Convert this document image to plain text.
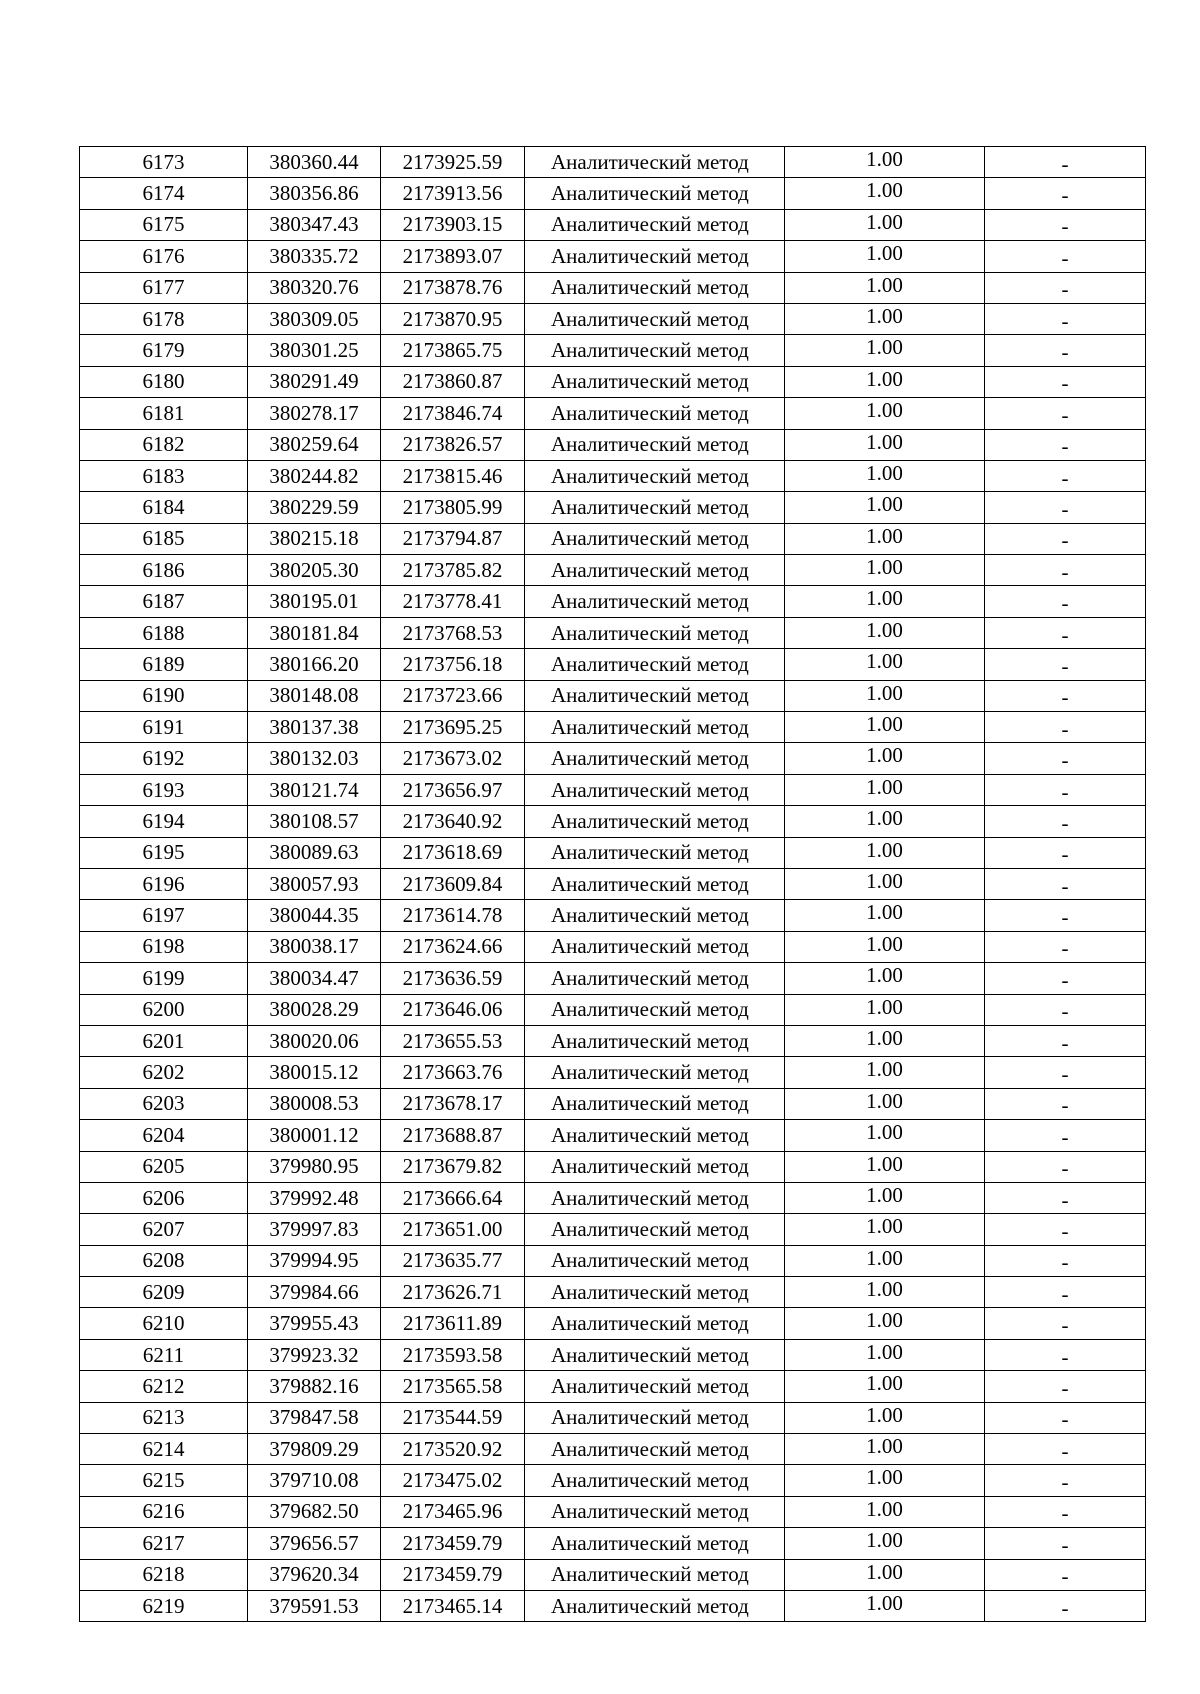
6173	380360.44	2173925.59	Аналитический метод	1.00	-
6174	380356.86	2173913.56	Аналитический метод	1.00	-
6175	380347.43	2173903.15	Аналитический метод	1.00	-
6176	380335.72	2173893.07	Аналитический метод	1.00	-
6177	380320.76	2173878.76	Аналитический метод	1.00	-
6178	380309.05	2173870.95	Аналитический метод	1.00	-
6179	380301.25	2173865.75	Аналитический метод	1.00	-
6180	380291.49	2173860.87	Аналитический метод	1.00	-
6181	380278.17	2173846.74	Аналитический метод	1.00	-
6182	380259.64	2173826.57	Аналитический метод	1.00	-
6183	380244.82	2173815.46	Аналитический метод	1.00	-
6184	380229.59	2173805.99	Аналитический метод	1.00	-
6185	380215.18	2173794.87	Аналитический метод	1.00	-
6186	380205.30	2173785.82	Аналитический метод	1.00	-
6187	380195.01	2173778.41	Аналитический метод	1.00	-
6188	380181.84	2173768.53	Аналитический метод	1.00	-
6189	380166.20	2173756.18	Аналитический метод	1.00	-
6190	380148.08	2173723.66	Аналитический метод	1.00	-
6191	380137.38	2173695.25	Аналитический метод	1.00	-
6192	380132.03	2173673.02	Аналитический метод	1.00	-
6193	380121.74	2173656.97	Аналитический метод	1.00	-
6194	380108.57	2173640.92	Аналитический метод	1.00	-
6195	380089.63	2173618.69	Аналитический метод	1.00	-
6196	380057.93	2173609.84	Аналитический метод	1.00	-
6197	380044.35	2173614.78	Аналитический метод	1.00	-
6198	380038.17	2173624.66	Аналитический метод	1.00	-
6199	380034.47	2173636.59	Аналитический метод	1.00	-
6200	380028.29	2173646.06	Аналитический метод	1.00	-
6201	380020.06	2173655.53	Аналитический метод	1.00	-
6202	380015.12	2173663.76	Аналитический метод	1.00	-
6203	380008.53	2173678.17	Аналитический метод	1.00	-
6204	380001.12	2173688.87	Аналитический метод	1.00	-
6205	379980.95	2173679.82	Аналитический метод	1.00	-
6206	379992.48	2173666.64	Аналитический метод	1.00	-
6207	379997.83	2173651.00	Аналитический метод	1.00	-
6208	379994.95	2173635.77	Аналитический метод	1.00	-
6209	379984.66	2173626.71	Аналитический метод	1.00	-
6210	379955.43	2173611.89	Аналитический метод	1.00	-
6211	379923.32	2173593.58	Аналитический метод	1.00	-
6212	379882.16	2173565.58	Аналитический метод	1.00	-
6213	379847.58	2173544.59	Аналитический метод	1.00	-
6214	379809.29	2173520.92	Аналитический метод	1.00	-
6215	379710.08	2173475.02	Аналитический метод	1.00	-
6216	379682.50	2173465.96	Аналитический метод	1.00	-
6217	379656.57	2173459.79	Аналитический метод	1.00	-
6218	379620.34	2173459.79	Аналитический метод	1.00	-
6219	379591.53	2173465.14	Аналитический метод	1.00	-
